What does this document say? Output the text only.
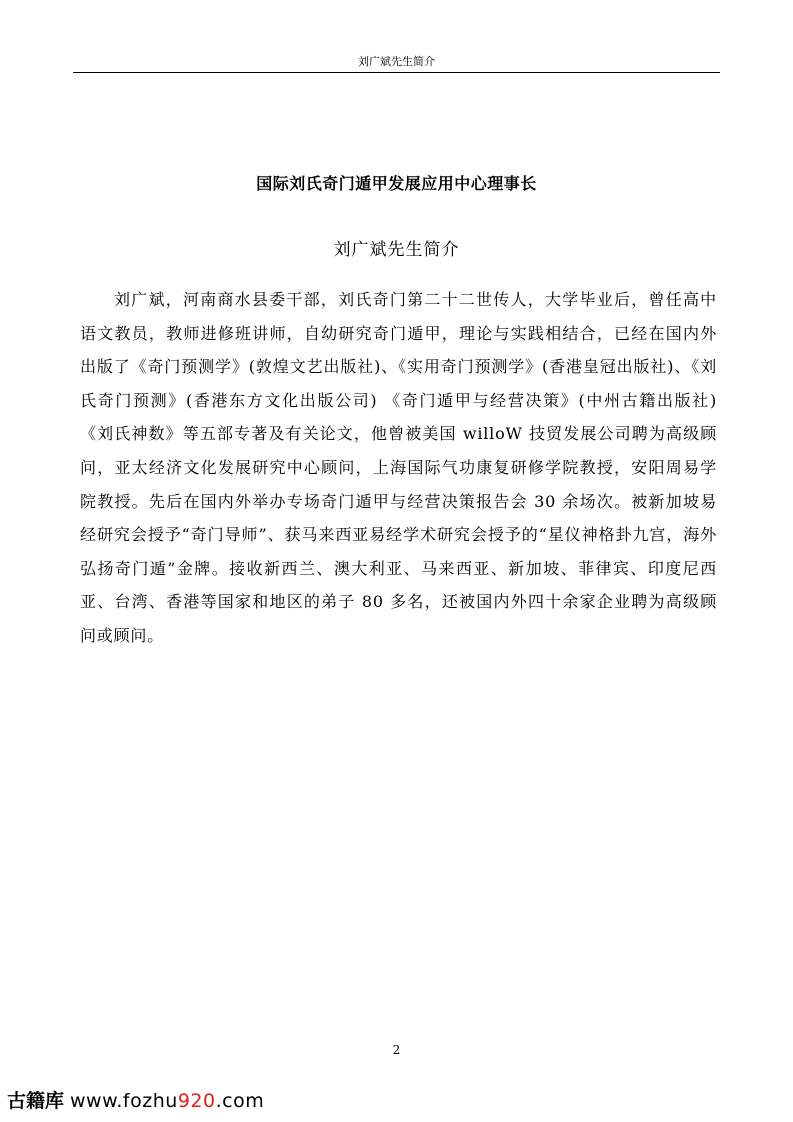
刘广斌先生简介
国际刘氏奇门遁甲发展应用中心理事长
刘广斌先生简介

刘广斌，河南商水县委干部，刘氏奇门第二十二世传人，大学毕业后，曾任高中语文教员，教师进修班讲师，自幼研究奇门遁甲，理论与实践相结合，已经在国内外出版了《奇门预测学》(敦煌文艺出版社)、《实用奇门预测学》(香港皇冠出版社)、《刘氏奇门预测》(香港东方文化出版公司) 《奇门遁甲与经营决策》(中州古籍出版社)《刘氏神数》等五部专著及有关论文，他曾被美国 willoW 技贸发展公司聘为高级顾问，亚太经济文化发展研究中心顾问，上海国际气功康复研修学院教授，安阳周易学院教授。先后在国内外举办专场奇门遁甲与经营决策报告会 30 余场次。被新加坡易经研究会授予“奇门导师”、获马来西亚易经学术研究会授予的“星仪神格卦九宫，海外弘扬奇门遁”金牌。接收新西兰、澳大利亚、马来西亚、新加坡、菲律宾、印度尼西亚、台湾、香港等国家和地区的弟子 80 多名，还被国内外四十余家企业聘为高级顾问或顾问。

2
古籍库 www.fozhu920.com
